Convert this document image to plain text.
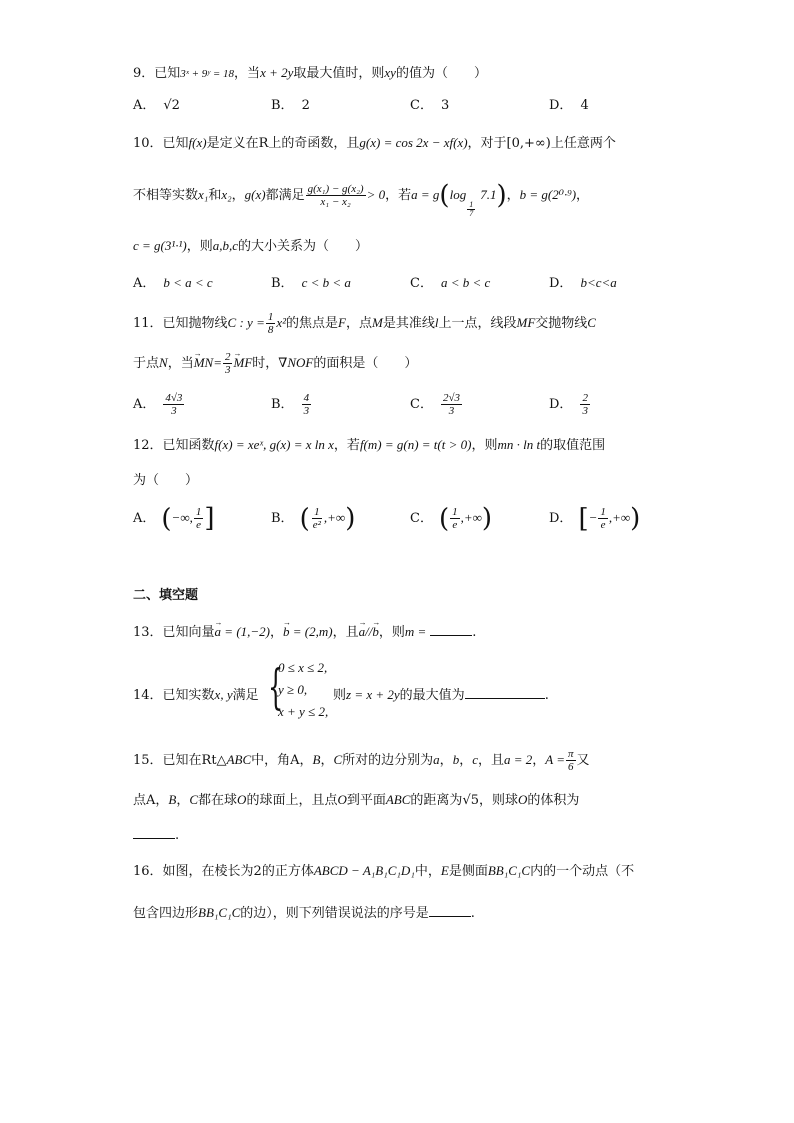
9．已知3ˣ + 9ʸ = 18，当x + 2y取最大值时，则xy的值为（　　）
A． √2	B． 2	C． 3	D． 4
10．已知f(x)是定义在R上的奇函数，且g(x) = cos 2x − xf(x)，对于[0,+∞)上任意两个
不相等实数x₁和x₂，g(x)都满足 $\frac{\text{g(x₁) − g(x₂)}}{\text{x₁ − x₂}} > 0$，若a = g(log
$\frac{1}{7}$
7.1)，b = g(2⁰·⁹)，
c = g(3¹·¹)，则a,b,c的大小关系为（　　）
A． b < a < c	B． c < b < a	C． a < b < c	D． b<c<a
11．已知抛物线C : $y = \frac{1}{8} x^2$的焦点是F，点M是其准线l上一点，线段MF交抛物线C
于点N，当→ $MN= \frac{2}{3}$
→ MF时，∇NOF的面积是（　　）
A． $\frac{4√3}{3}$	B． $\frac{4}{3}$	C． $\frac{2√3}{3}$	D． $\frac{2}{3}$
12．已知函数f(x) = xeˣ, g(x) = x ln x，若f(m) = g(n) = t(t > 0)，则mn · ln t的取值范围
为（　　）
A． (−∞, $\frac{1}{e}$ ]	B． ( $\frac{1}{\text{e²}}$ ,+∞)	C． ( $\frac{1}{e}$ ,+∞)	D． [− $\frac{1}{e}$ ,+∞)
二、填空题
13．已知向量→ a = (1,−2)，→ b = (2,m)，且→ a//→ b，则m =	.
14．已知实数x, y满足 {
0 ≤ x ≤ 2,
y ≥ 0,
x + y ≤ 2,
则z = x + 2y的最大值为	.
15．已知在Rt△ABC中，角A，B，C所对的边分别为a，b，c，且a = 2，$A = \frac{\pi}{6}$ 又
点A，B，C都在球O的球面上，且点O到平面ABC的距离为√5，则球O的体积为
.
16．如图，在棱长为2的正方体ABCD − A₁B₁C₁D₁中，E是侧面BB₁C₁C内的一个动点（不
包含四边形BB₁C₁C的边），则下列错误说法的序号是	.
